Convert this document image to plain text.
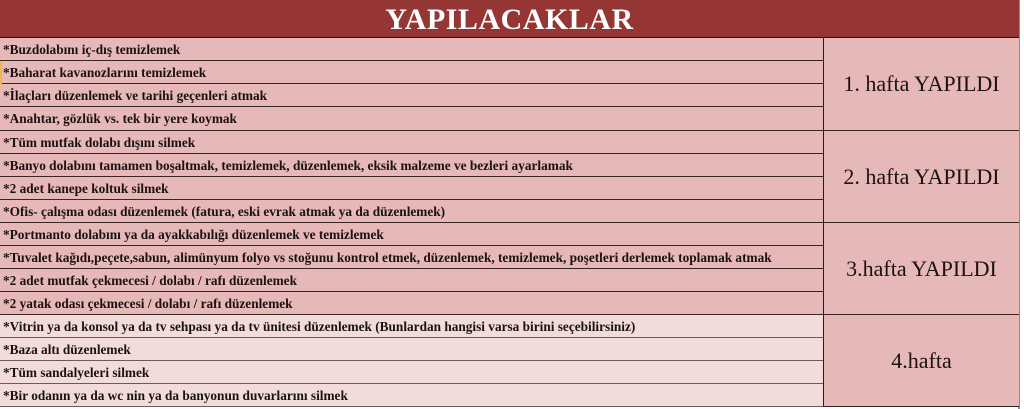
YAPILACAKLAR
*Buzdolabını iç-dış temizlemek
*Baharat kavanozlarını temizlemek
*İlaçları düzenlemek ve tarihi geçenleri atmak
*Anahtar, gözlük vs. tek bir yere koymak
1. hafta YAPILDI
*Tüm mutfak dolabı dışını silmek
*Banyo dolabını tamamen boşaltmak, temizlemek, düzenlemek, eksik malzeme ve bezleri ayarlamak
*2 adet kanepe koltuk silmek
*Ofis- çalışma odası düzenlemek (fatura, eski evrak atmak ya da düzenlemek)
2. hafta YAPILDI
*Portmanto dolabını ya da ayakkabılığı düzenlemek ve temizlemek
*Tuvalet kağıdı,peçete,sabun, alimünyum folyo vs stoğunu kontrol etmek, düzenlemek, temizlemek, poşetleri derlemek toplamak atmak
*2 adet mutfak çekmecesi / dolabı / rafı düzenlemek
*2 yatak odası çekmecesi / dolabı / rafı düzenlemek
3.hafta YAPILDI
*Vitrin ya da konsol ya da tv sehpası ya da tv ünitesi düzenlemek (Bunlardan hangisi varsa birini seçebilirsiniz)
*Baza altı düzenlemek
*Tüm sandalyeleri silmek
*Bir odanın ya da wc nin ya da banyonun duvarlarını silmek
4.hafta
